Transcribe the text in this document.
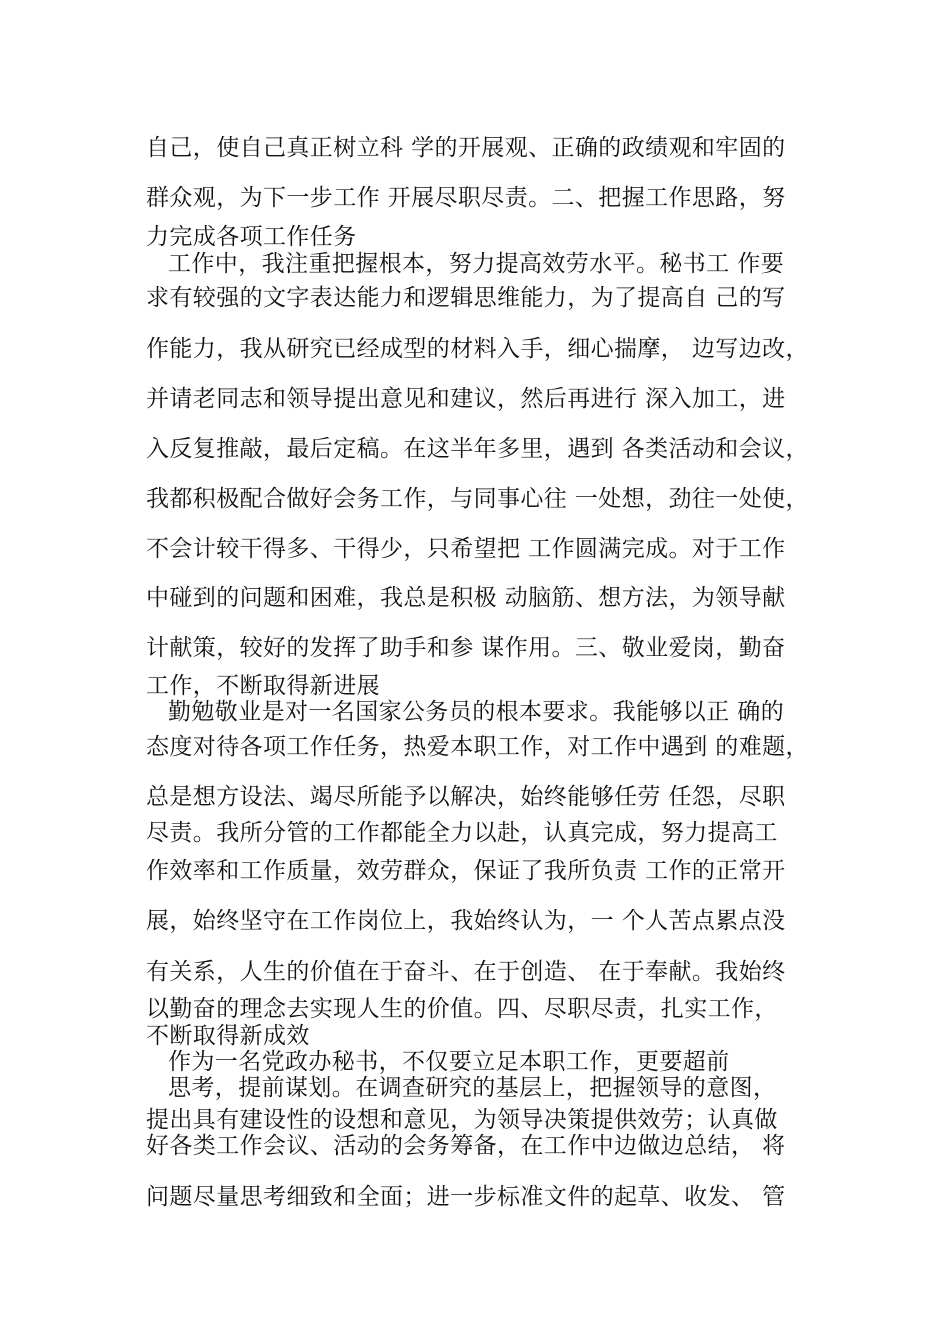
自己，使自己真正树立科 学的开展观、正确的政绩观和牢固的

群众观，为下一步工作 开展尽职尽责。二、把握工作思路，努

力完成各项工作任务

工作中，我注重把握根本，努力提高效劳水平。秘书工 作要

求有较强的文字表达能力和逻辑思维能力，为了提高自 己的写

作能力，我从研究已经成型的材料入手，细心揣摩， 边写边改，

并请老同志和领导提出意见和建议，然后再进行 深入加工，进

入反复推敲，最后定稿。在这半年多里，遇到 各类活动和会议，

我都积极配合做好会务工作，与同事心往 一处想，劲往一处使，

不会计较干得多、干得少，只希望把 工作圆满完成。对于工作

中碰到的问题和困难，我总是积极 动脑筋、想方法，为领导献

计献策，较好的发挥了助手和参 谋作用。三、敬业爱岗，勤奋

工作，不断取得新进展

勤勉敬业是对一名国家公务员的根本要求。我能够以正 确的

态度对待各项工作任务，热爱本职工作，对工作中遇到 的难题，

总是想方设法、竭尽所能予以解决，始终能够任劳 任怨，尽职

尽责。我所分管的工作都能全力以赴，认真完成，努力提高工

作效率和工作质量，效劳群众，保证了我所负责 工作的正常开

展，始终坚守在工作岗位上，我始终认为，一 个人苦点累点没

有关系，人生的价值在于奋斗、在于创造、 在于奉献。我始终

以勤奋的理念去实现人生的价值。四、尽职尽责，扎实工作，

不断取得新成效

作为一名党政办秘书，不仅要立足本职工作，更要超前

思考，提前谋划。在调查研究的基层上，把握领导的意图，

提出具有建设性的设想和意见，为领导决策提供效劳；认真做

好各类工作会议、活动的会务筹备，在工作中边做边总结， 将

问题尽量思考细致和全面；进一步标准文件的起草、收发、 管
